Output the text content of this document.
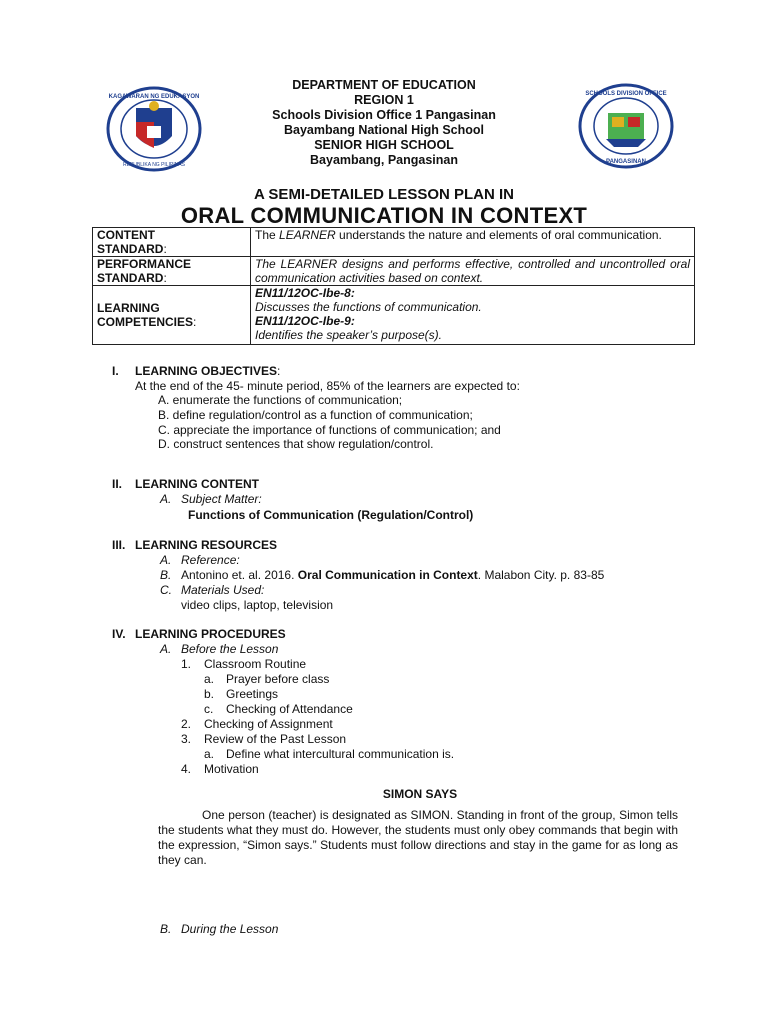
KAGAWARAN NG EDUKASYON
REPUBLIKA NG PILIPINAS
SCHOOLS DIVISION OFFICE
PANGASINAN
DEPARTMENT OF EDUCATION
REGION 1
Schools Division Office 1 Pangasinan
Bayambang National High School
SENIOR HIGH SCHOOL
Bayambang, Pangasinan
A SEMI-DETAILED LESSON PLAN IN
ORAL COMMUNICATION IN CONTEXT
CONTENT
STANDARD:	The LEARNER understands the nature and elements of oral communication.
PERFORMANCE
STANDARD:	The LEARNER designs and performs effective, controlled and uncontrolled oral communication activities based on context.
LEARNING
COMPETENCIES:	EN11/12OC-Ibe-8:
Discusses the functions of communication.
EN11/12OC-Ibe-9:
Identifies the speaker’s purpose(s).
I. LEARNING OBJECTIVES:
At the end of the 45- minute period, 85% of the learners are expected to:
A. enumerate the functions of communication;
B. define regulation/control as a function of communication;
C. appreciate the importance of functions of communication; and
D. construct sentences that show regulation/control.
II. LEARNING CONTENT
A. Subject Matter:
Functions of Communication (Regulation/Control)
III. LEARNING RESOURCES
A. Reference:
B. Antonino et. al. 2016. Oral Communication in Context. Malabon City. p. 83-85
C. Materials Used:
video clips, laptop, television
IV. LEARNING PROCEDURES
A. Before the Lesson
1. Classroom Routine
a. Prayer before class
b. Greetings
c. Checking of Attendance
2. Checking of Assignment
3. Review of the Past Lesson
a. Define what intercultural communication is.
4. Motivation
SIMON SAYS
One person (teacher) is designated as SIMON. Standing in front of the group, Simon tells the students what they must do. However, the students must only obey commands that begin with the expression, “Simon says.” Students must follow directions and stay in the game for as long as they can.
B. During the Lesson
